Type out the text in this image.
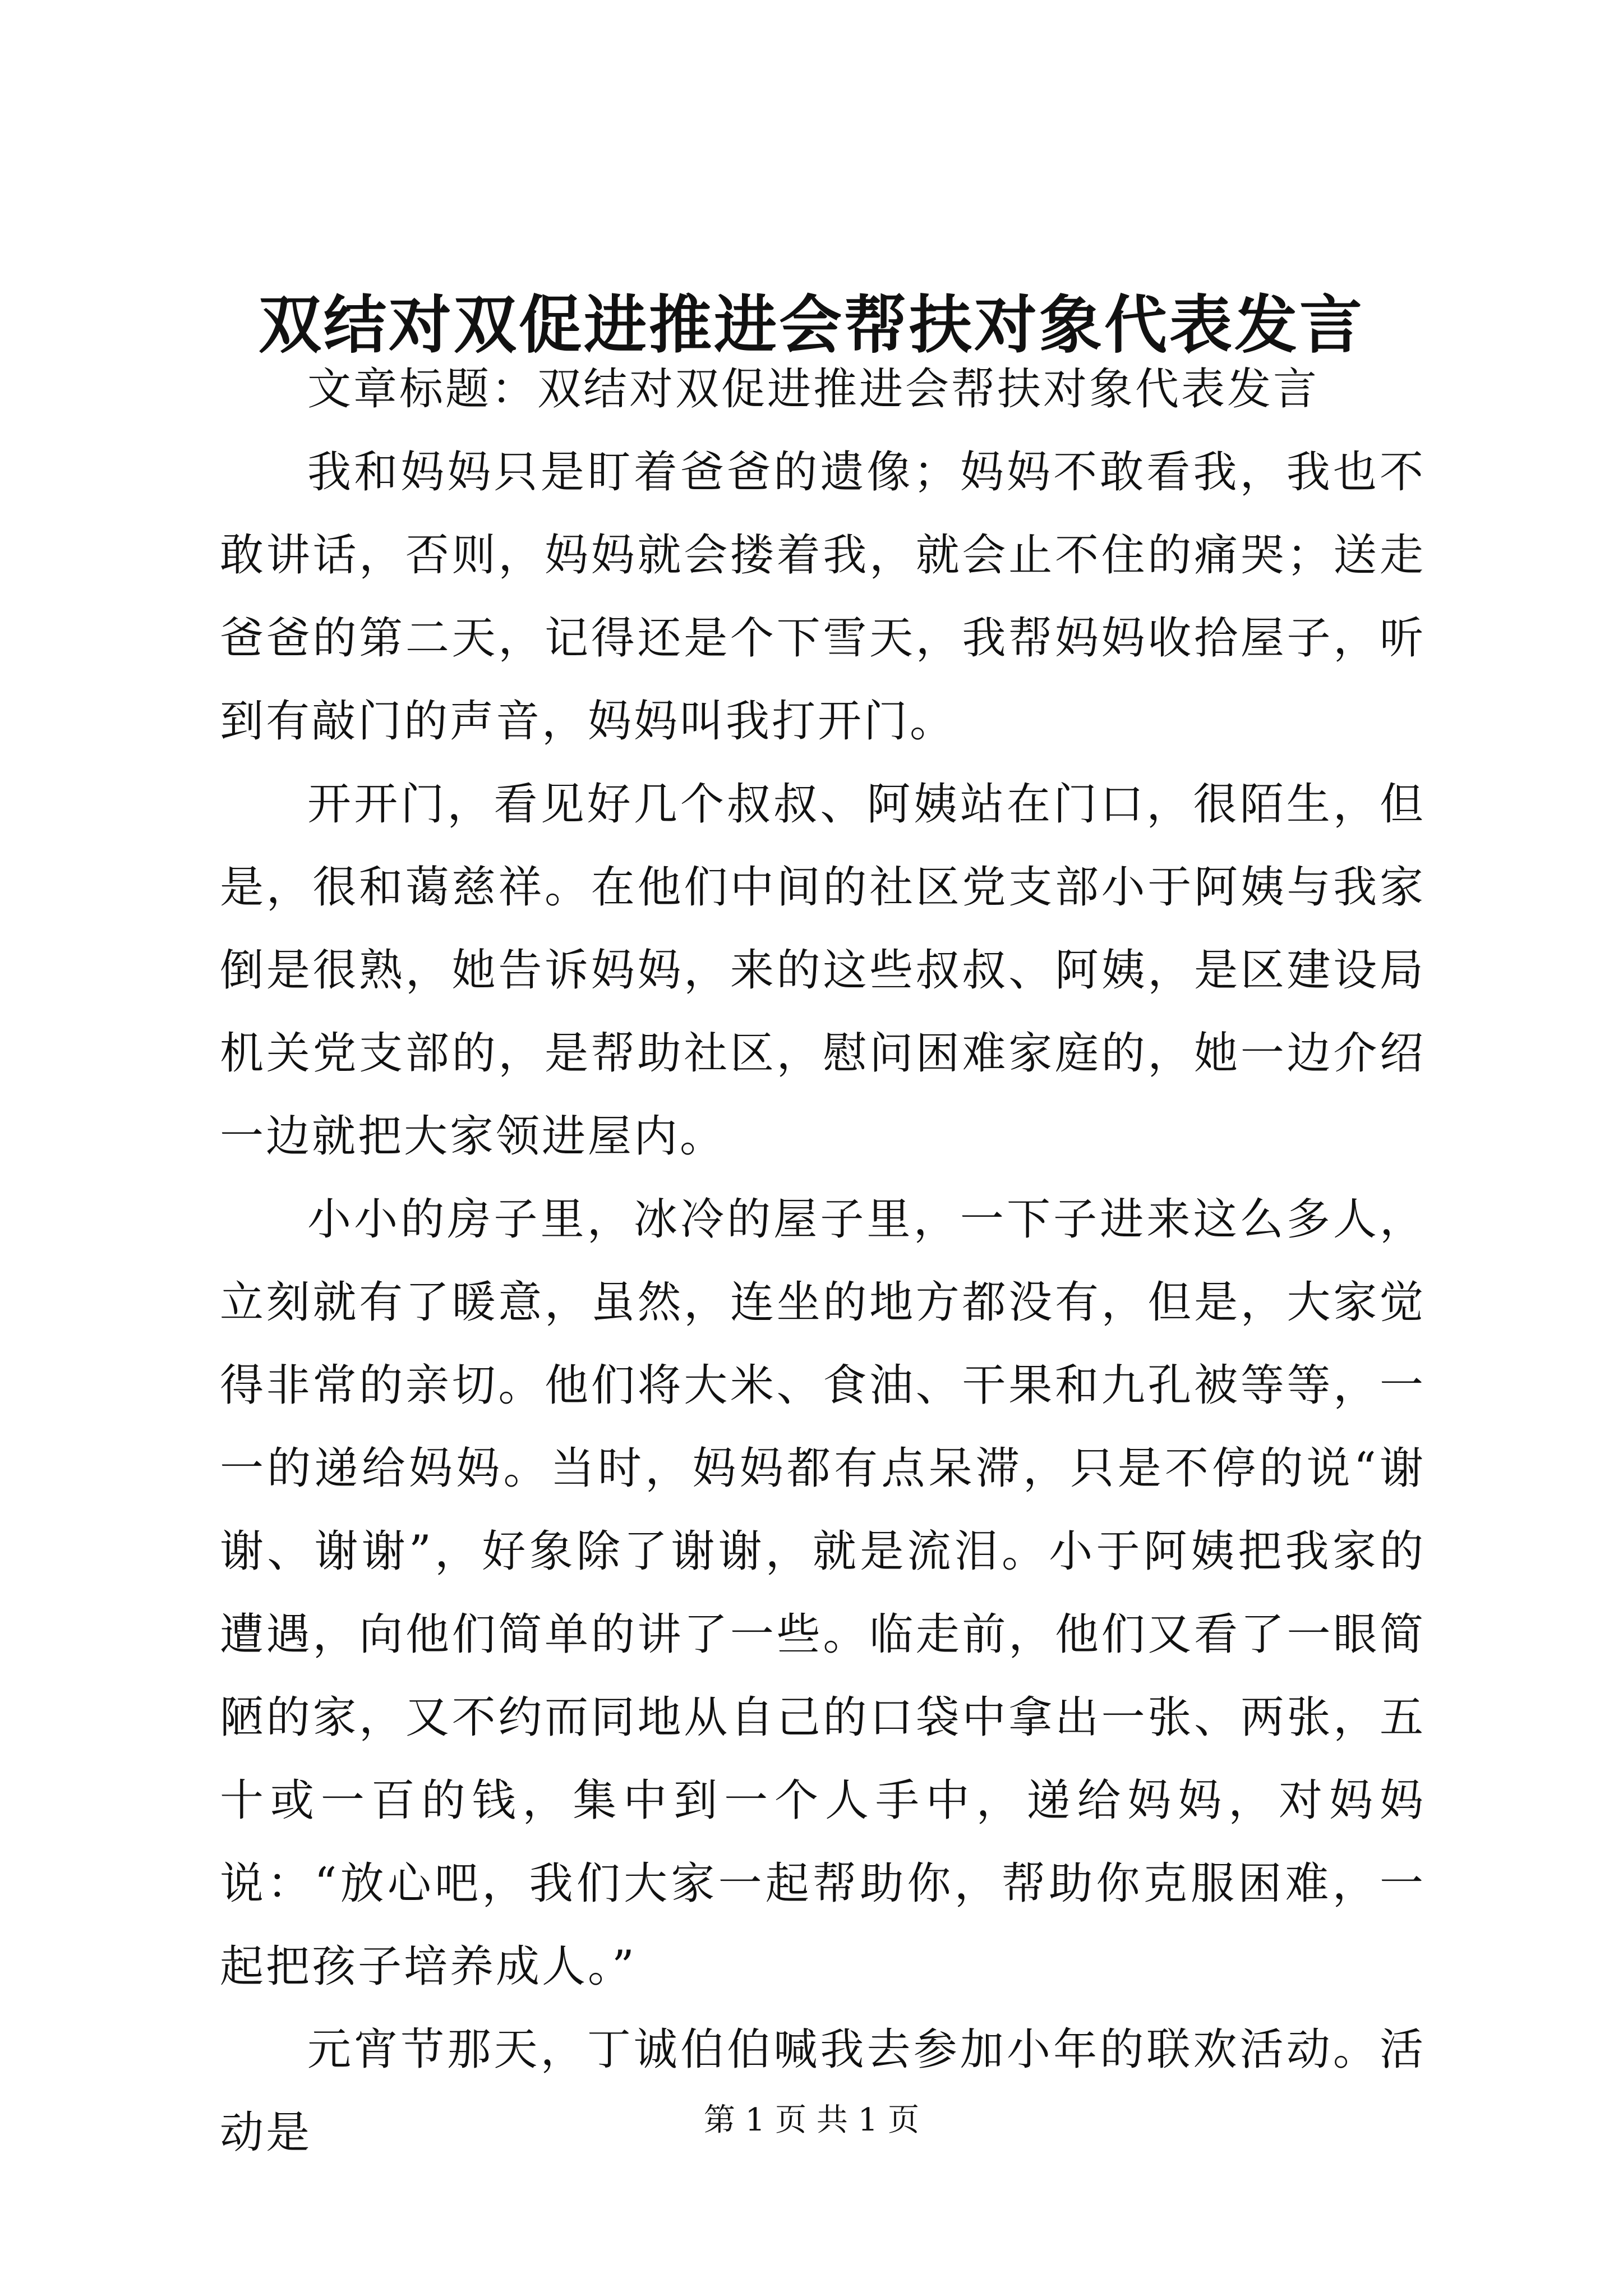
双结对双促进推进会帮扶对象代表发言

文章标题：双结对双促进推进会帮扶对象代表发言

我和妈妈只是盯着爸爸的遗像；妈妈不敢看我，我也不敢讲话，否则，妈妈就会搂着我，就会止不住的痛哭；送走爸爸的第二天，记得还是个下雪天，我帮妈妈收拾屋子，听到有敲门的声音，妈妈叫我打开门。

开开门，看见好几个叔叔、阿姨站在门口，很陌生，但是，很和蔼慈祥。在他们中间的社区党支部小于阿姨与我家倒是很熟，她告诉妈妈，来的这些叔叔、阿姨，是区建设局机关党支部的，是帮助社区，慰问困难家庭的，她一边介绍一边就把大家领进屋内。

小小的房子里，冰冷的屋子里，一下子进来这么多人，立刻就有了暖意，虽然，连坐的地方都没有，但是，大家觉得非常的亲切。他们将大米、食油、干果和九孔被等等，一一的递给妈妈。当时，妈妈都有点呆滞，只是不停的说“谢谢、谢谢”，好象除了谢谢，就是流泪。小于阿姨把我家的遭遇，向他们简单的讲了一些。临走前，他们又看了一眼简陋的家，又不约而同地从自己的口袋中拿出一张、两张，五十或一百的钱，集中到一个人手中，递给妈妈，对妈妈说：“放心吧，我们大家一起帮助你，帮助你克服困难，一起把孩子培养成人。”

元宵节那天，丁诚伯伯喊我去参加小年的联欢活动。活动是	第 1 页 共 1 页
